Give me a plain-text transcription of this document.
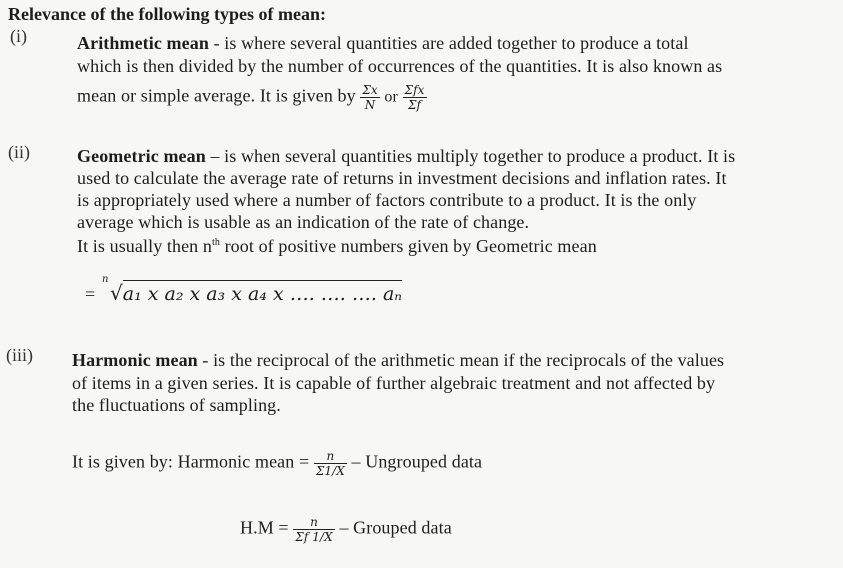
Relevance of the following types of mean:
(i)	Arithmetic mean - is where several quantities are added together to produce a total
which is then divided by the number of occurrences of the quantities. It is also known as
mean or simple average. It is given by $\frac{\Sigma x}{N}$ or $\frac{\text{Σfx}}{\Sigma f}$
(ii)	Geometric mean – is when several quantities multiply together to produce a product. It is
used to calculate the average rate of returns in investment decisions and inflation rates. It
is appropriately used where a number of factors contribute to a product. It is the only
average which is usable as an indication of the rate of change.
It is usually then $n^{th}$ root of positive numbers given by Geometric mean
=
n
√a₁ x a₂ x a₃ x a₄ x …. …. …. aₙ
(iii) Harmonic mean - is the reciprocal of the arithmetic mean if the reciprocals of the values
of items in a given series. It is capable of further algebraic treatment and not affected by
the fluctuations of sampling.
It is given by: Harmonic mean = $\frac{n}{\Sigma 1/X}$ – Ungrouped data
$H.M = \frac{n}{\Sigma f 1/X}$ – Grouped data
